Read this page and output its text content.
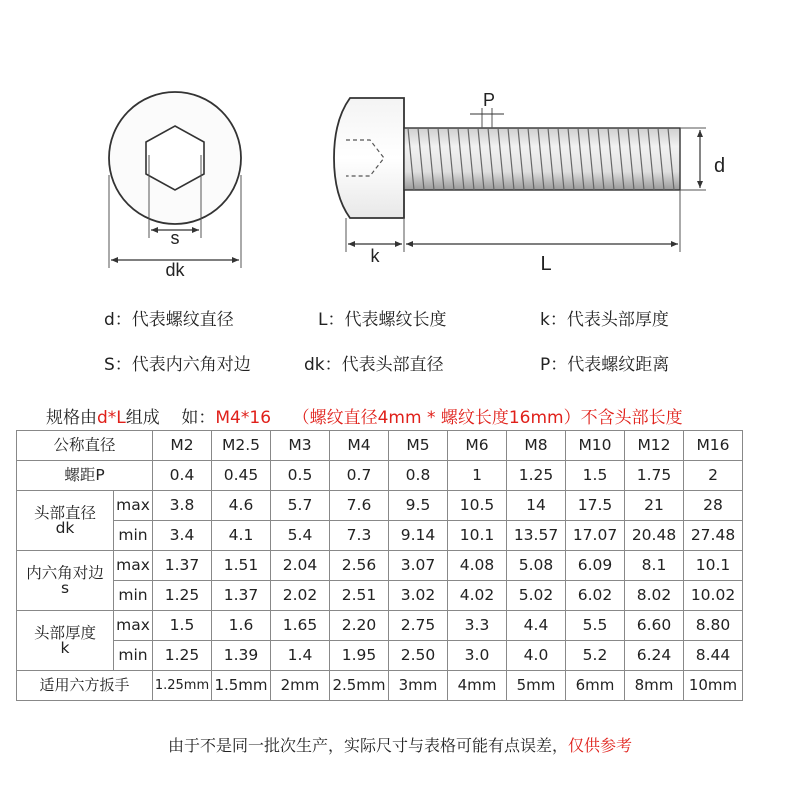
s
dk
P
d
k	L
d：代表螺纹直径	L：代表螺纹长度	k：代表头部厚度
S：代表内六角对边	dk：代表头部直径	P：代表螺纹距离
规格由d*L组成    如：M4*16    （螺纹直径4mm * 螺纹长度16mm）不含头部长度
公称直径		M2	M2.5	M3	M4	M5	M6	M8	M10	M12	M16
螺距P		0.4	0.45	0.5	0.7	0.8	1	1.25	1.5	1.75	2

头部直径
dk	max	3.8	4.6	5.7	7.6	9.5	10.5	14	17.5	21	28
	min	3.4	4.1	5.4	7.3	9.14	10.1	13.57	17.07	20.48	27.48

内六角对边
s	max	1.37	1.51	2.04	2.56	3.07	4.08	5.08	6.09	8.1	10.1
	min	1.25	1.37	2.02	2.51	3.02	4.02	5.02	6.02	8.02	10.02

头部厚度
k	max	1.5	1.6	1.65	2.20	2.75	3.3	4.4	5.5	6.60	8.80
	min	1.25	1.39	1.4	1.95	2.50	3.0	4.0	5.2	6.24	8.44
适用六方扳手		1.25mm	1.5mm	2mm	2.5mm	3mm	4mm	5mm	6mm	8mm	10mm
由于不是同一批次生产，实际尺寸与表格可能有点误差，仅供参考
